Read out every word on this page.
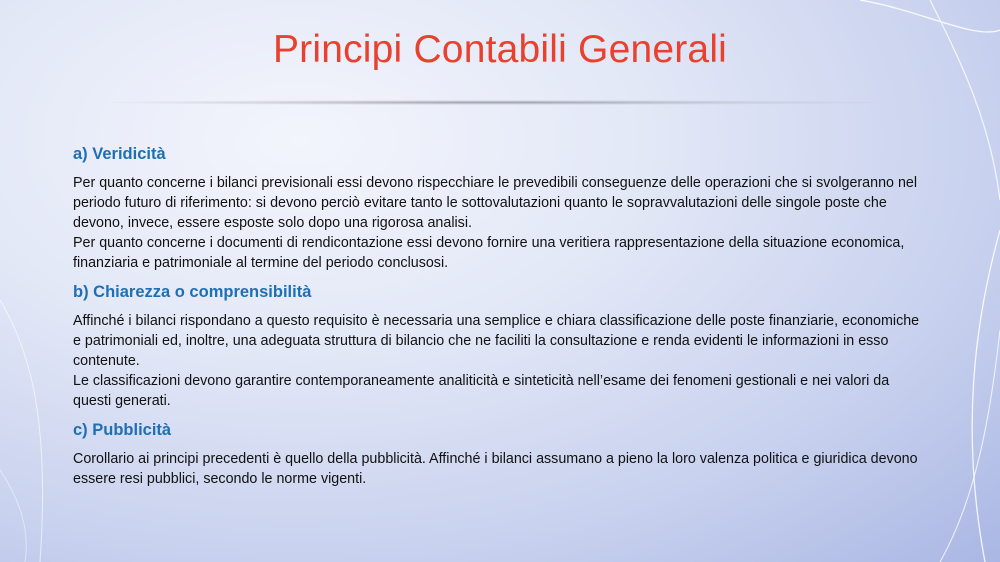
Principi Contabili Generali
a) Veridicità

Per quanto concerne i bilanci previsionali essi devono rispecchiare le prevedibili conseguenze delle operazioni che si svolgeranno nel periodo futuro di riferimento: si devono perciò evitare tanto le sottovalutazioni quanto le sopravvalutazioni delle singole poste che devono, invece, essere esposte solo dopo una rigorosa analisi.

Per quanto concerne i documenti di rendicontazione essi devono fornire una veritiera rappresentazione della situazione economica, finanziaria e patrimoniale al termine del periodo conclusosi.

b) Chiarezza o comprensibilità

Affinché i bilanci rispondano a questo requisito è necessaria una semplice e chiara classificazione delle poste finanziarie, economiche e patrimoniali ed, inoltre, una adeguata struttura di bilancio che ne faciliti la consultazione e renda evidenti le informazioni in esso contenute.

Le classificazioni devono garantire contemporaneamente analiticità e sinteticità nell’esame dei fenomeni gestionali e nei valori da questi generati.

c) Pubblicità

Corollario ai principi precedenti è quello della pubblicità. Affinché i bilanci assumano a pieno la loro valenza politica e giuridica devono essere resi pubblici, secondo le norme vigenti.
